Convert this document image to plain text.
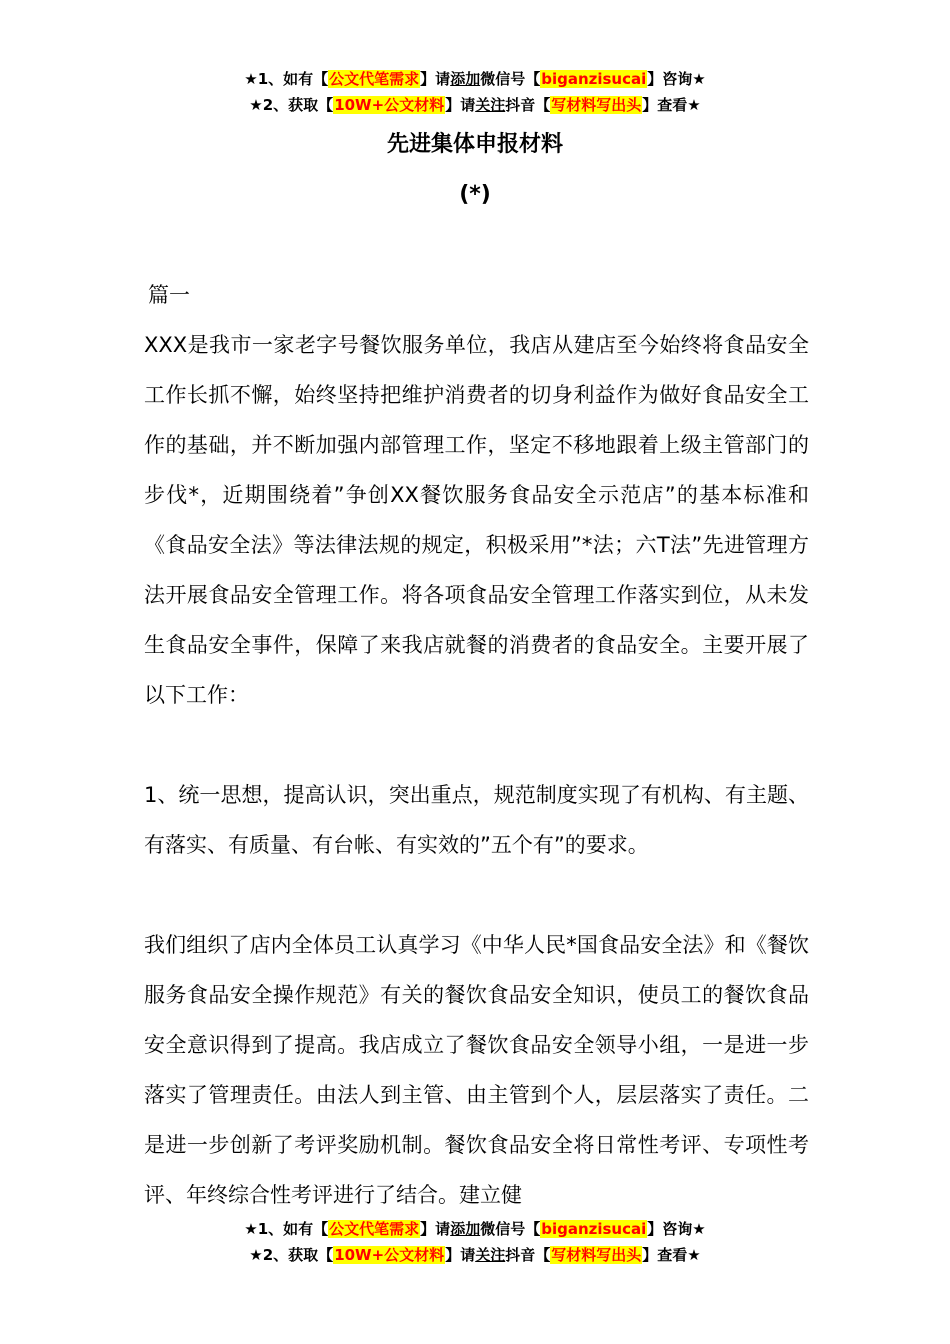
★1、如有【公文代笔需求】请添加微信号【biganzisucai】咨询★
★2、获取【10W+公文材料】请关注抖音【写材料写出头】查看★
先进集体申报材料
(*)

篇一

XXX是我市一家老字号餐饮服务单位，我店从建店至今始终将食品安全工作长抓不懈，始终坚持把维护消费者的切身利益作为做好食品安全工作的基础，并不断加强内部管理工作，坚定不移地跟着上级主管部门的步伐*，近期围绕着”争创XX餐饮服务食品安全示范店”的基本标准和《食品安全法》等法律法规的规定，积极采用”*法；六T法”先进管理方法开展食品安全管理工作。将各项食品安全管理工作落实到位，从未发生食品安全事件，保障了来我店就餐的消费者的食品安全。主要开展了以下工作：

1、统一思想，提高认识，突出重点，规范制度实现了有机构、有主题、有落实、有质量、有台帐、有实效的”五个有”的要求。

我们组织了店内全体员工认真学习《中华人民*国食品安全法》和《餐饮服务食品安全操作规范》有关的餐饮食品安全知识，使员工的餐饮食品安全意识得到了提高。我店成立了餐饮食品安全领导小组，一是进一步落实了管理责任。由法人到主管、由主管到个人，层层落实了责任。二是进一步创新了考评奖励机制。餐饮食品安全将日常性考评、专项性考评、年终综合性考评进行了结合。建立健

★1、如有【公文代笔需求】请添加微信号【biganzisucai】咨询★
★2、获取【10W+公文材料】请关注抖音【写材料写出头】查看★
